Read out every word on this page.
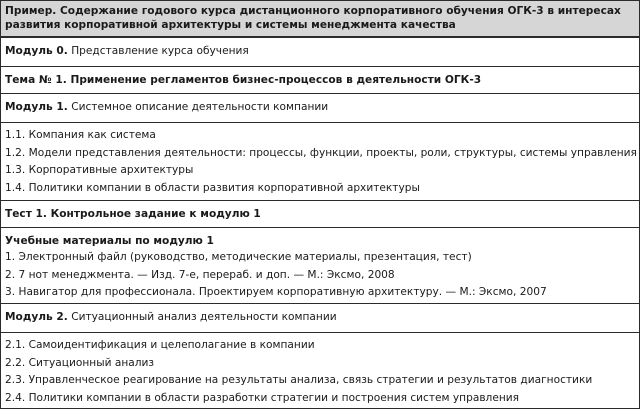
Пример. Содержание годового курса дистанционного корпоративного обучения ОГК-3 в интересах развития корпоративной архитектуры и системы менеджмента качества
Модуль 0. Представление курса обучения
Тема № 1. Применение регламентов бизнес-процессов в деятельности ОГК-3
Модуль 1. Системное описание деятельности компании
1.1. Компания как система
1.2. Модели представления деятельности: процессы, функции, проекты, роли, структуры, системы управления
1.3. Корпоративные архитектуры
1.4. Политики компании в области развития корпоративной архитектуры
Тест 1. Контрольное задание к модулю 1
Учебные материалы по модулю 1
1. Электронный файл (руководство, методические материалы, презентация, тест)
2. 7 нот менеджмента. — Изд. 7-е, перераб. и доп. — М.: Эксмо, 2008
3. Навигатор для профессионала. Проектируем корпоративную архитектуру. — М.: Эксмо, 2007
Модуль 2. Ситуационный анализ деятельности компании
2.1. Самоидентификация и целеполагание в компании
2.2. Ситуационный анализ
2.3. Управленческое реагирование на результаты анализа, связь стратегии и результатов диагностики
2.4. Политики компании в области разработки стратегии и построения систем управления
